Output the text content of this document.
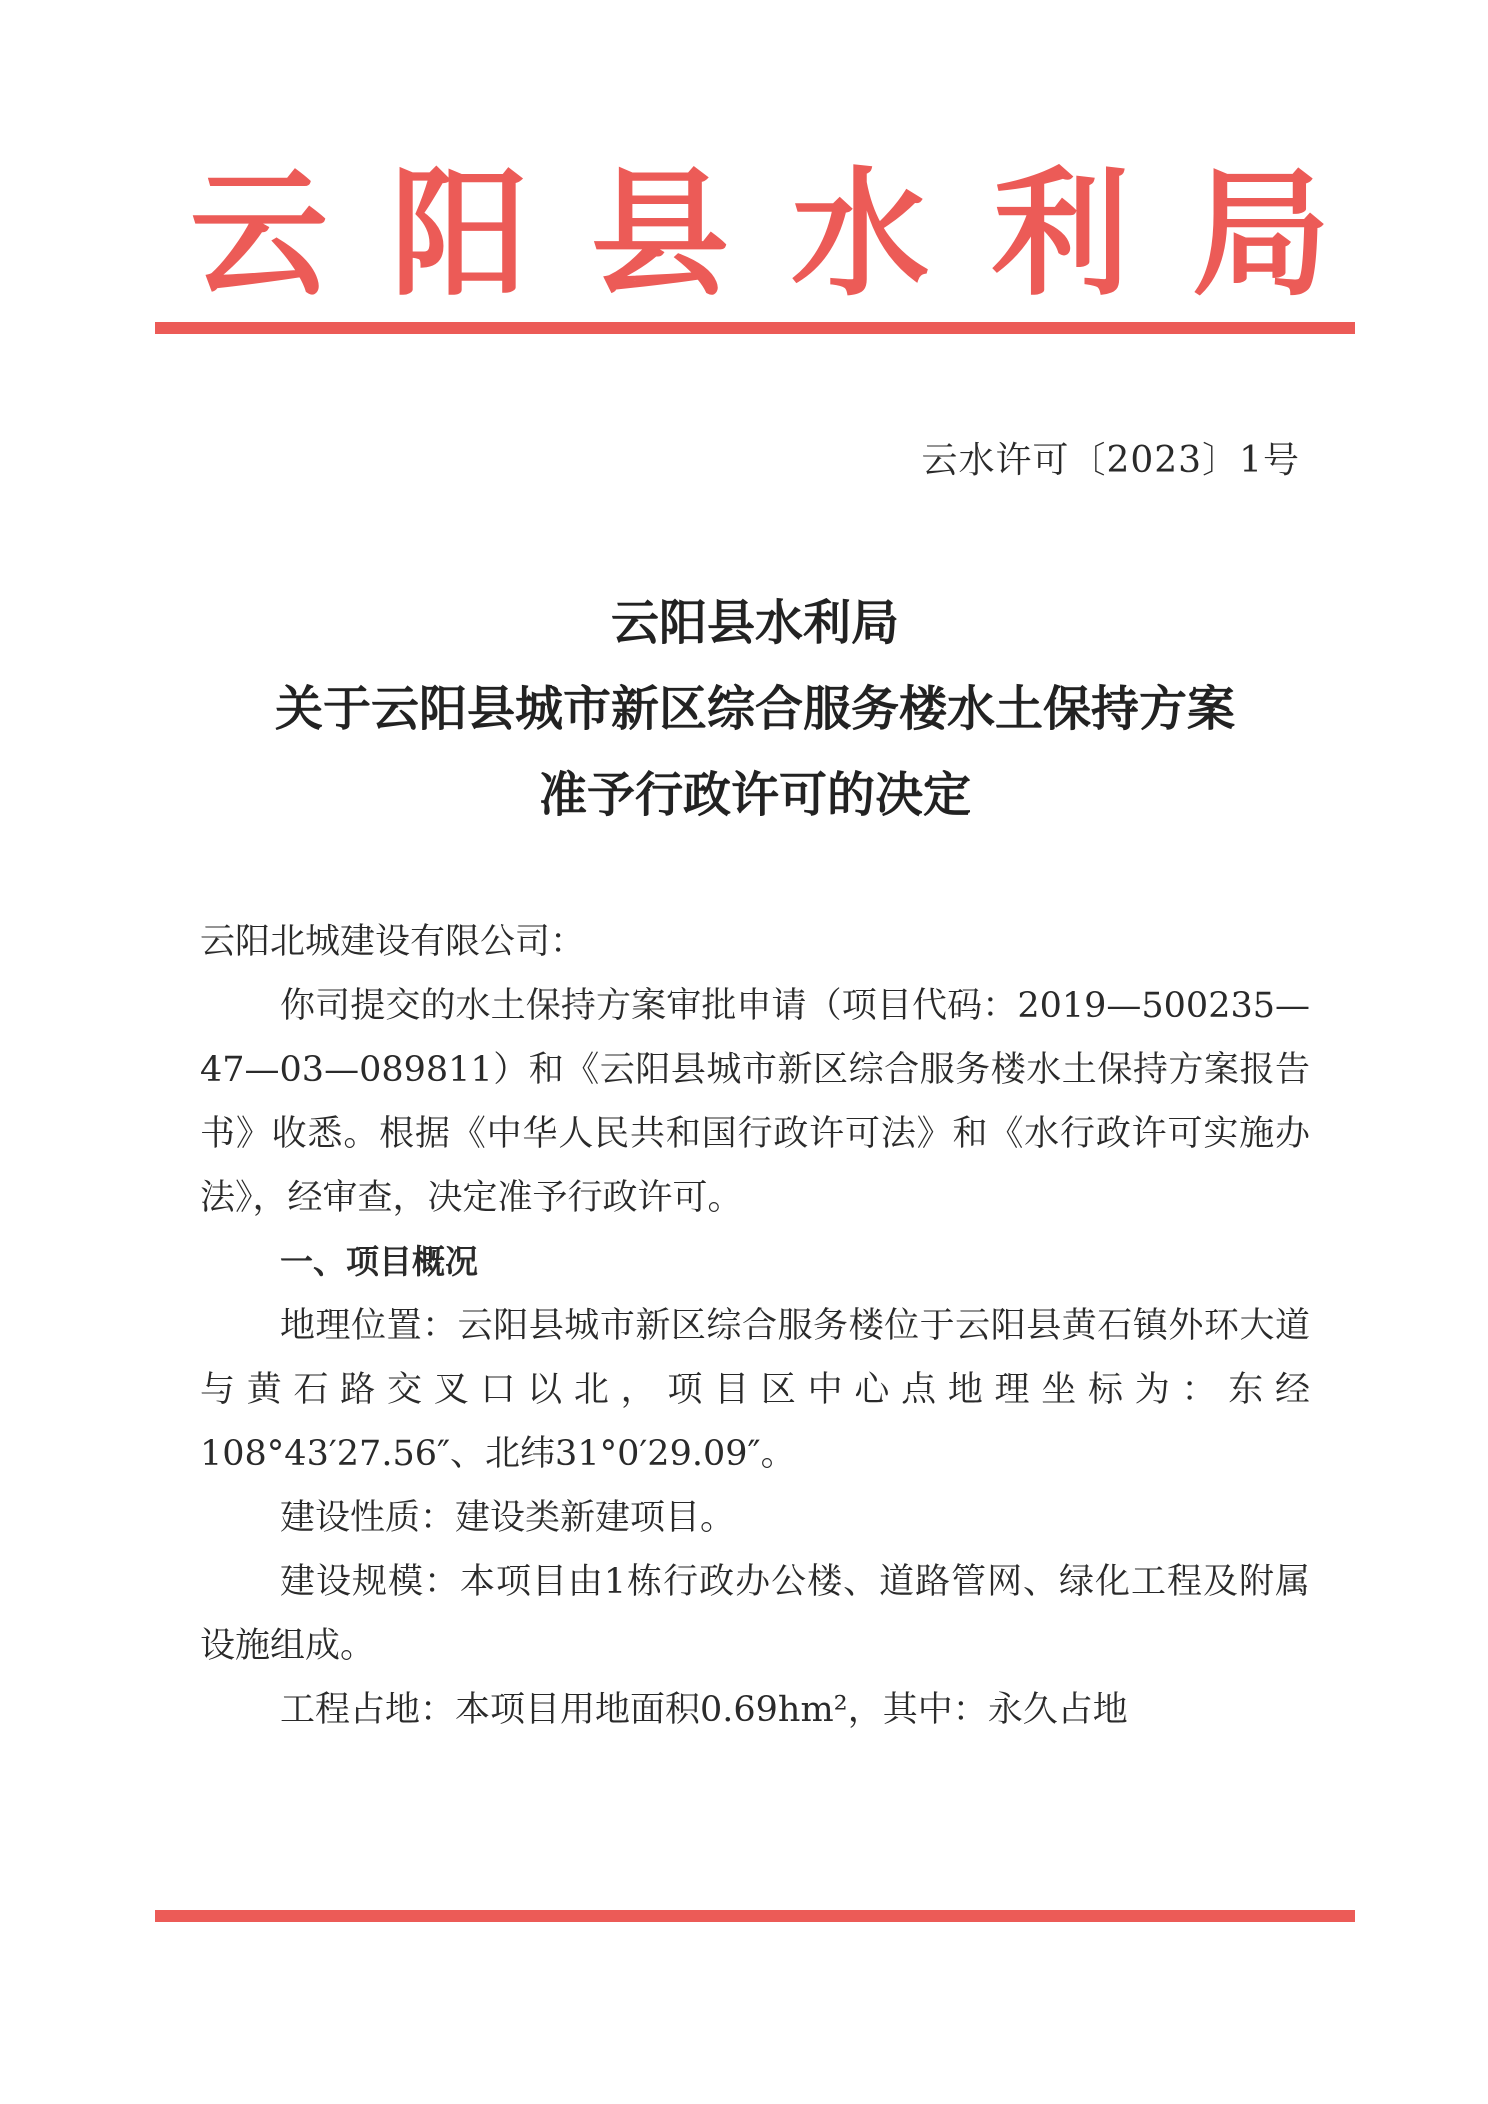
云 阳 县 水 利 局
云水许可〔2023〕1号
云阳县水利局
关于云阳县城市新区综合服务楼水土保持方案
准予行政许可的决定

云阳北城建设有限公司：

你司提交的水土保持方案审批申请（项目代码：2019—500235—47—03—089811）和《云阳县城市新区综合服务楼水土保持方案报告书》收悉。根据《中华人民共和国行政许可法》和《水行政许可实施办法》，经审查，决定准予行政许可。

一、项目概况

地理位置：云阳县城市新区综合服务楼位于云阳县黄石镇外环大道与黄石路交叉口以北，项目区中心点地理坐标为：东经108°43′27.56″、北纬31°0′29.09″。

建设性质：建设类新建项目。

建设规模：本项目由1栋行政办公楼、道路管网、绿化工程及附属设施组成。

工程占地：本项目用地面积0.69hm²，其中：永久占地
